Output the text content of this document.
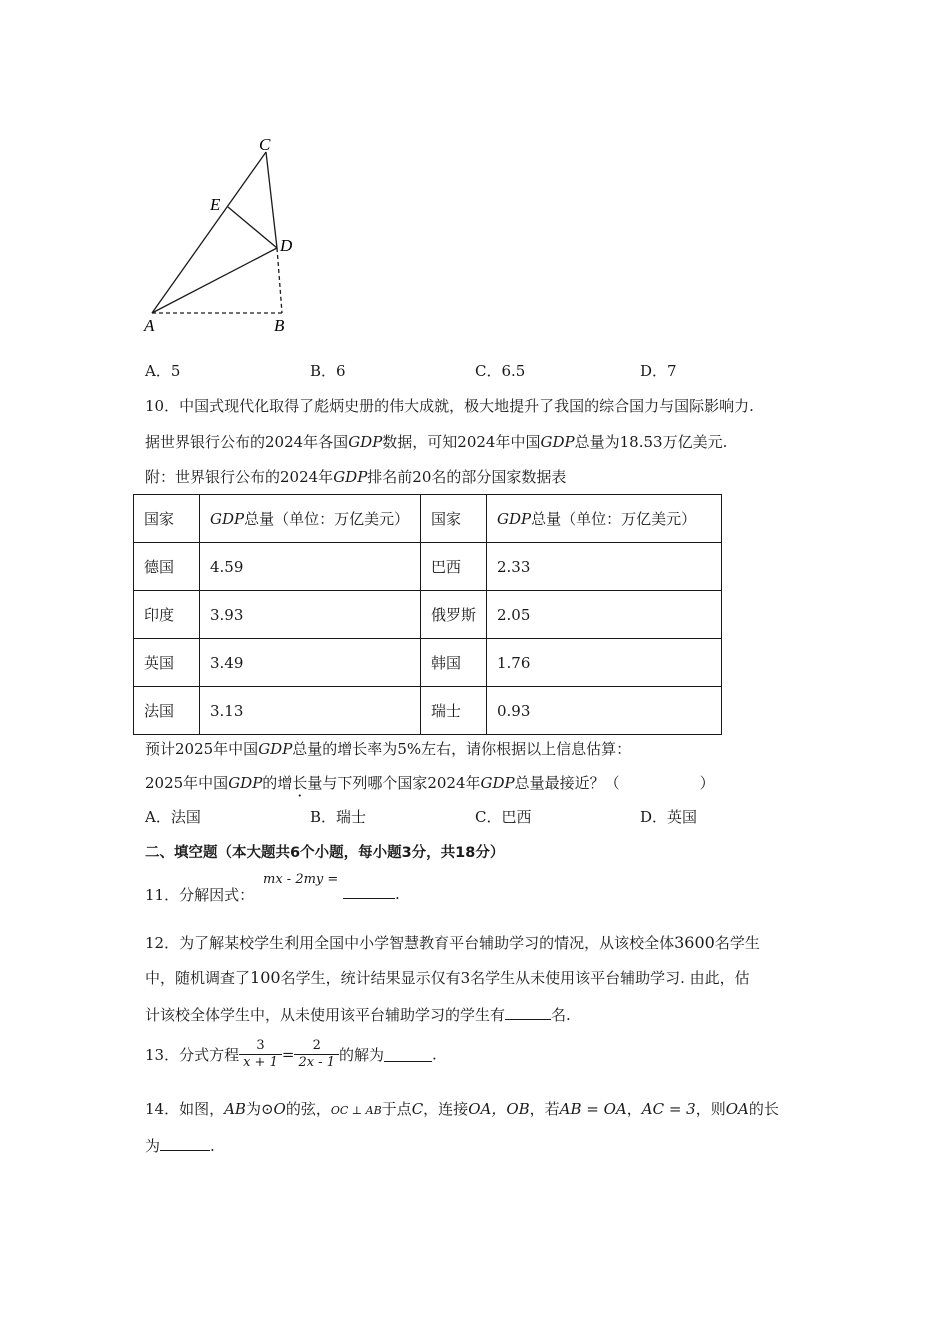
C
E
D
A	B
A．5	B．6	C．6.5	D．7
10．中国式现代化取得了彪炳史册的伟大成就，极大地提升了我国的综合国力与国际影响力.
据世界银行公布的2024年各国GDP数据，可知2024年中国GDP总量为18.53万亿美元.
附：世界银行公布的2024年GDP排名前20名的部分国家数据表
国家	GDP总量（单位：万亿美元）	国家	GDP总量（单位：万亿美元）
德国	4.59	巴西	2.33
印度	3.93	俄罗斯	2.05
英国	3.49	韩国	1.76
法国	3.13	瑞士	0.93
预计2025年中国GDP总量的增长率为5%左右，请你根据以上信息估算：
2025年中国GDP的增长量与下列哪个国家2024年GDP总量最接近？（	）
A．法国	B．瑞士	C．巴西	D．英国
二、填空题（本大题共6个小题，每小题3分，共18分）
11．分解因式：
mx - 2my =
.
12．为了解某校学生利用全国中小学智慧教育平台辅助学习的情况，从该校全体3600名学生
中，随机调查了100名学生，统计结果显示仅有3名学生从未使用该平台辅助学习. 由此，估
计该校全体学生中，从未使用该平台辅助学习的学生有	名.
13．分式方程 $\frac{3}{x + 1} = \frac{2}{2x - 1}$ 的解为	.
14．如图，AB为⊙O的弦，OC ⊥ AB于点C，连接OA，OB，若AB = OA，AC = 3，则OA的长
为	.
